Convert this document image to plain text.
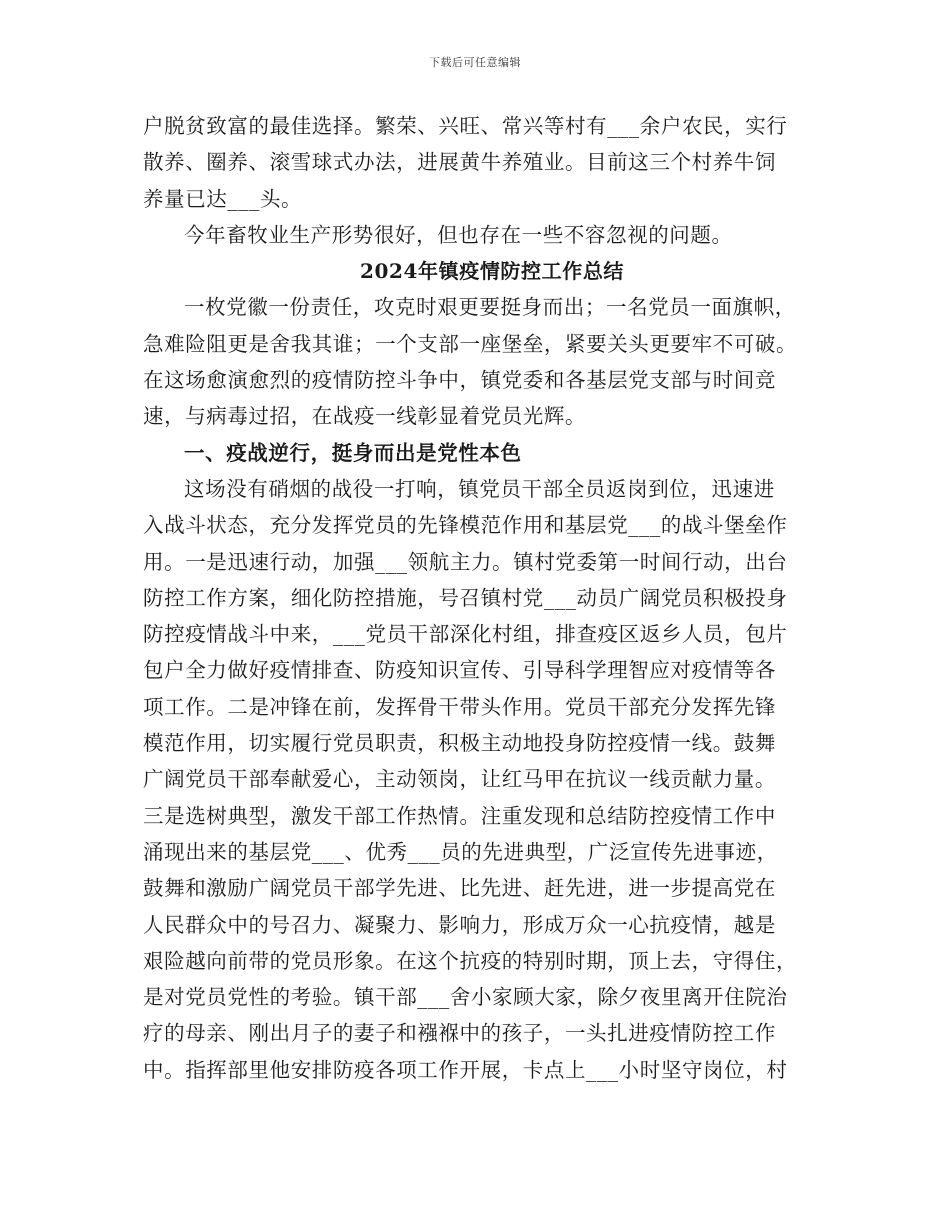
下载后可任意编辑
户脱贫致富的最佳选择。繁荣、兴旺、常兴等村有___余户农民，实行
散养、圈养、滚雪球式办法，进展黄牛养殖业。目前这三个村养牛饲
养量已达___头。
今年畜牧业生产形势很好，但也存在一些不容忽视的问题。
2024年镇疫情防控工作总结
一枚党徽一份责任，攻克时艰更要挺身而出；一名党员一面旗帜，
急难险阻更是舍我其谁；一个支部一座堡垒，紧要关头更要牢不可破。
在这场愈演愈烈的疫情防控斗争中，镇党委和各基层党支部与时间竞
速，与病毒过招，在战疫一线彰显着党员光辉。
一、疫战逆行，挺身而出是党性本色
这场没有硝烟的战役一打响，镇党员干部全员返岗到位，迅速进
入战斗状态，充分发挥党员的先锋模范作用和基层党___的战斗堡垒作
用。一是迅速行动，加强___领航主力。镇村党委第一时间行动，出台
防控工作方案，细化防控措施，号召镇村党___动员广阔党员积极投身
防控疫情战斗中来，___党员干部深化村组，排查疫区返乡人员，包片
包户全力做好疫情排查、防疫知识宣传、引导科学理智应对疫情等各
项工作。二是冲锋在前，发挥骨干带头作用。党员干部充分发挥先锋
模范作用，切实履行党员职责，积极主动地投身防控疫情一线。鼓舞
广阔党员干部奉献爱心，主动领岗，让红马甲在抗议一线贡献力量。
三是选树典型，激发干部工作热情。注重发现和总结防控疫情工作中
涌现出来的基层党___、优秀___员的先进典型，广泛宣传先进事迹，
鼓舞和激励广阔党员干部学先进、比先进、赶先进，进一步提高党在
人民群众中的号召力、凝聚力、影响力，形成万众一心抗疫情，越是
艰险越向前带的党员形象。在这个抗疫的特别时期，顶上去，守得住，
是对党员党性的考验。镇干部___舍小家顾大家，除夕夜里离开住院治
疗的母亲、刚出月子的妻子和襁褓中的孩子，一头扎进疫情防控工作
中。指挥部里他安排防疫各项工作开展，卡点上___小时坚守岗位，村
